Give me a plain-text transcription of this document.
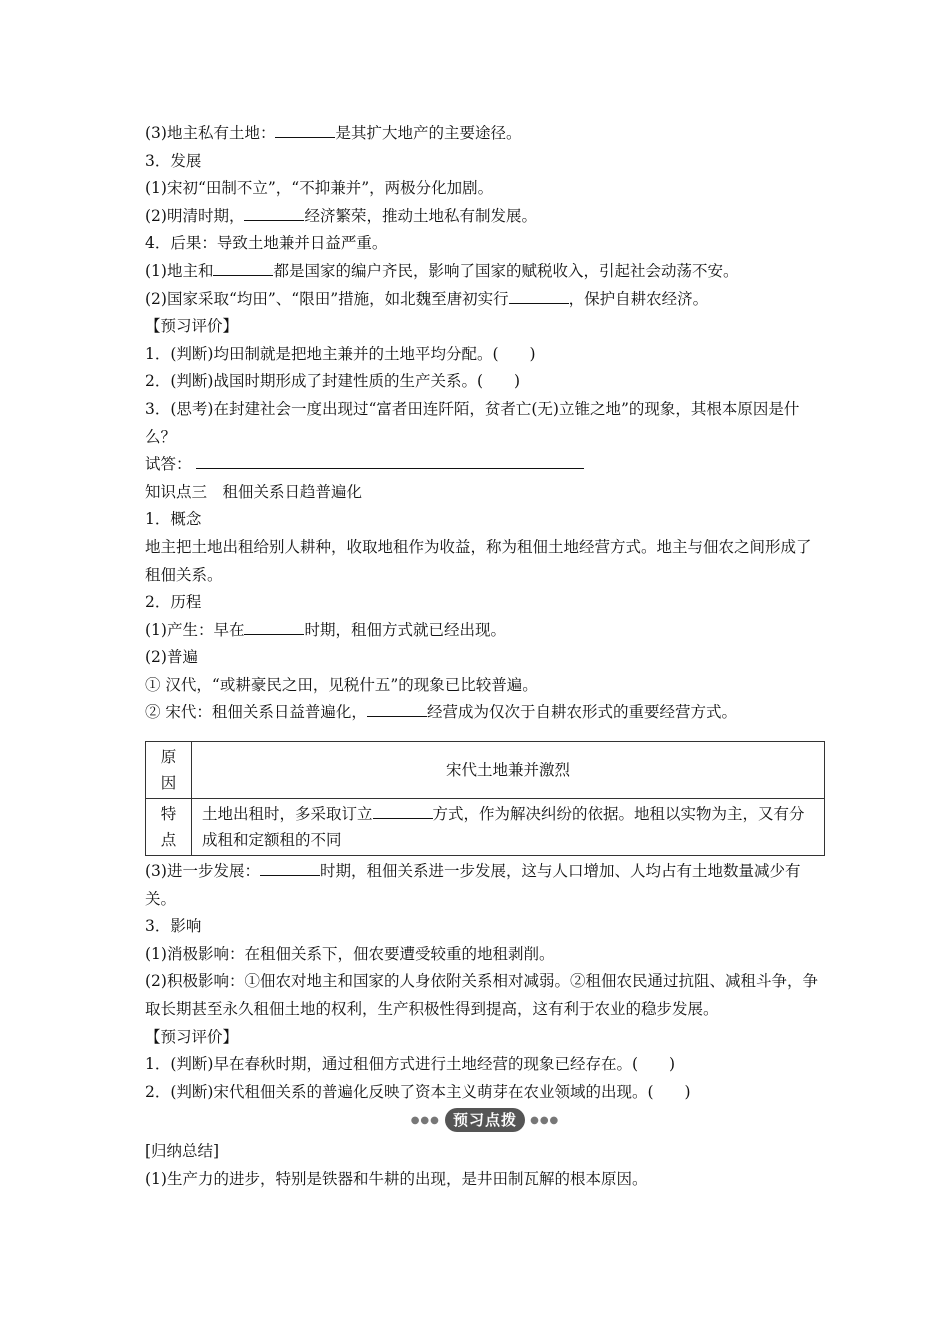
(3)地主私有土地：	是其扩大地产的主要途径。
3．发展
(1)宋初“田制不立”，“不抑兼并”，两极分化加剧。
(2)明清时期，	经济繁荣，推动土地私有制发展。
4．后果：导致土地兼并日益严重。
(1)地主和	都是国家的编户齐民，影响了国家的赋税收入，引起社会动荡不安。
(2)国家采取“均田”、“限田”措施，如北魏至唐初实行	，保护自耕农经济。
【预习评价】
1．(判断)均田制就是把地主兼并的土地平均分配。(　　)
2．(判断)战国时期形成了封建性质的生产关系。(　　)
3．(思考)在封建社会一度出现过“富者田连阡陌，贫者亡(无)立锥之地”的现象，其根本原因是什么？
试答：
知识点三　租佃关系日趋普遍化
1．概念
地主把土地出租给别人耕种，收取地租作为收益，称为租佃土地经营方式。地主与佃农之间形成了租佃关系。
2．历程
(1)产生：早在	时期，租佃方式就已经出现。
(2)普遍
① 汉代，“或耕豪民之田，见税什五”的现象已比较普遍。
② 宋代：租佃关系日益普遍化，	经营成为仅次于自耕农形式的重要经营方式。
原因	宋代土地兼并激烈
特点	土地出租时，多采取订立 方式，作为解决纠纷的依据。地租以实物为主，又有分成租和定额租的不同
(3)进一步发展：	时期，租佃关系进一步发展，这与人口增加、人均占有土地数量减少有关。
3．影响
(1)消极影响：在租佃关系下，佃农要遭受较重的地租剥削。
(2)积极影响：①佃农对地主和国家的人身依附关系相对减弱。②租佃农民通过抗阻、减租斗争，争取长期甚至永久租佃土地的权利，生产积极性得到提高，这有利于农业的稳步发展。
【预习评价】
1．(判断)早在春秋时期，通过租佃方式进行土地经营的现象已经存在。(　　)
2．(判断)宋代租佃关系的普遍化反映了资本主义萌芽在农业领域的出现。(　　)
●●● 预习点拨 ●●●
[归纳总结]
(1)生产力的进步，特别是铁器和牛耕的出现，是井田制瓦解的根本原因。
